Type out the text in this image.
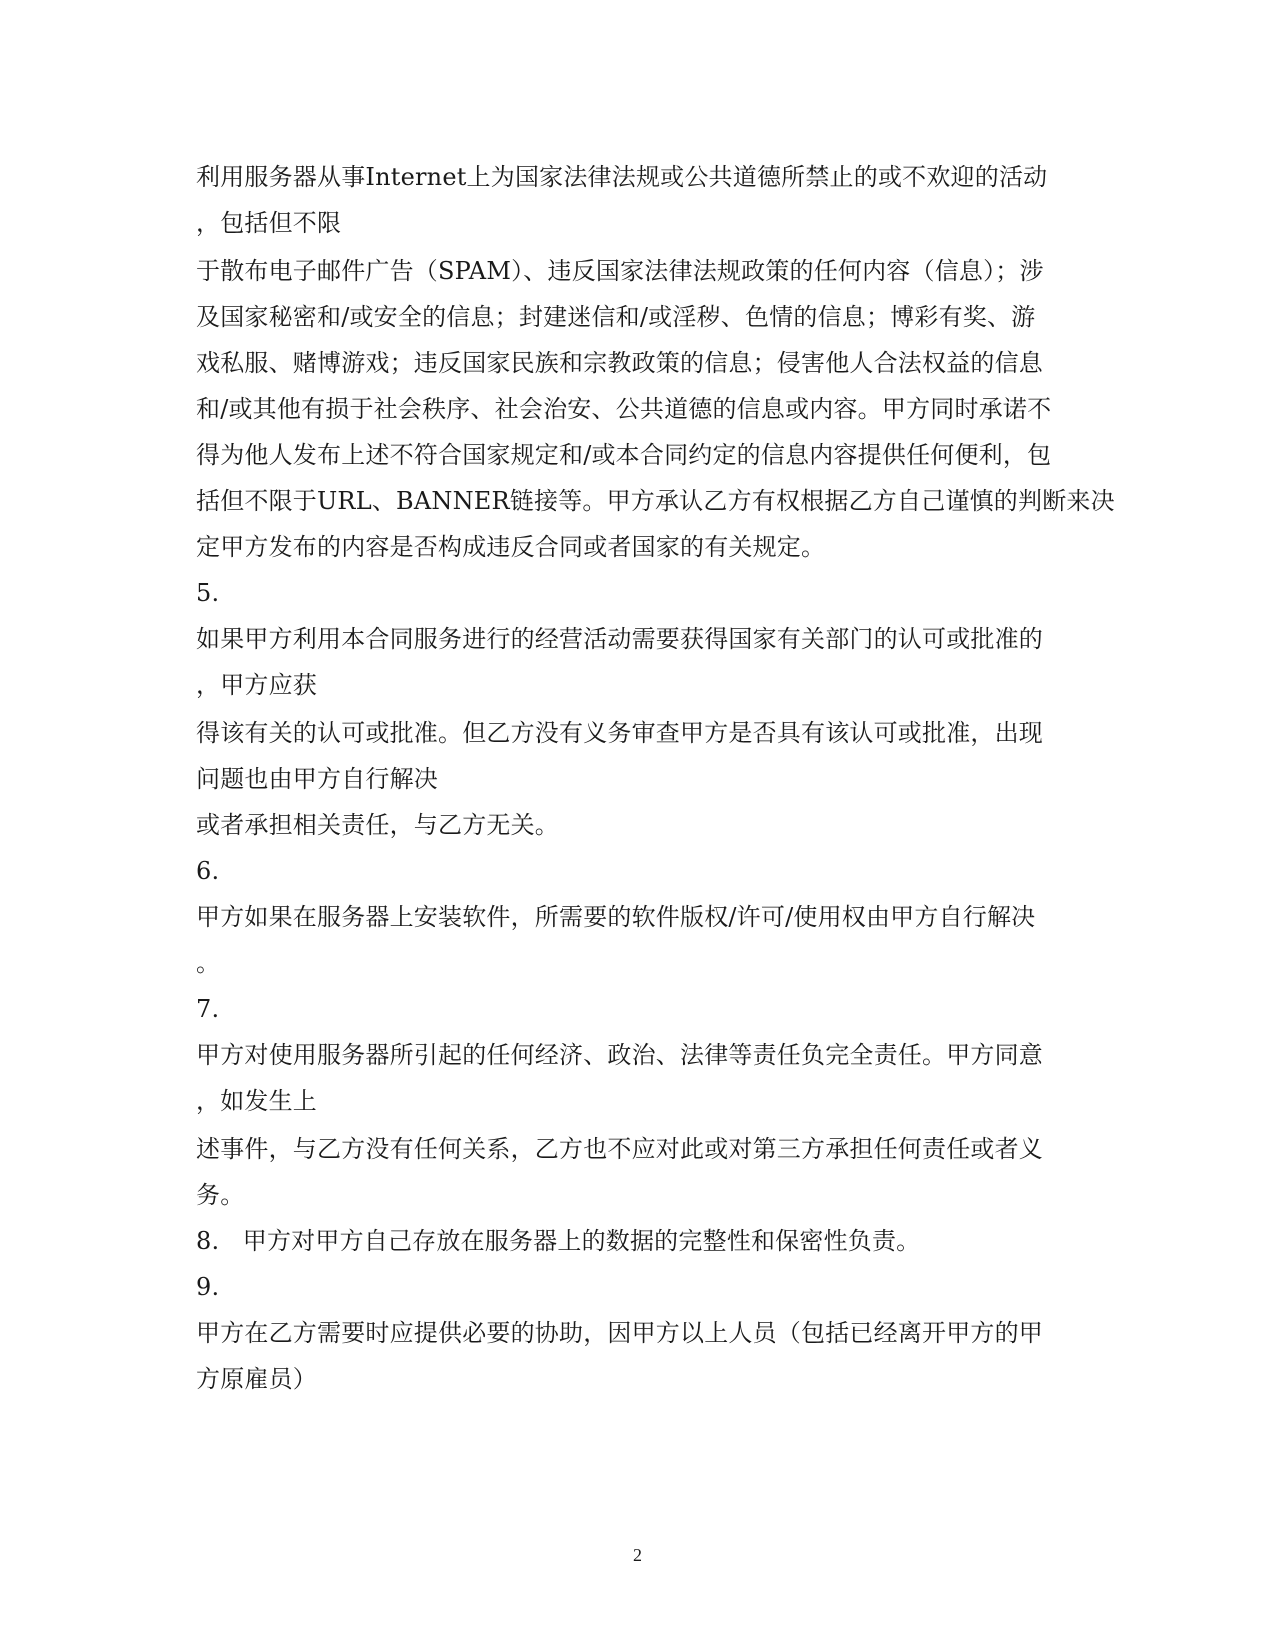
利用服务器从事Internet上为国家法律法规或公共道德所禁止的或不欢迎的活动
，包括但不限
于散布电子邮件广告（SPAM）、违反国家法律法规政策的任何内容（信息）；涉
及国家秘密和/或安全的信息；封建迷信和/或淫秽、色情的信息；博彩有奖、游
戏私服、赌博游戏；违反国家民族和宗教政策的信息；侵害他人合法权益的信息
和/或其他有损于社会秩序、社会治安、公共道德的信息或内容。甲方同时承诺不
得为他人发布上述不符合国家规定和/或本合同约定的信息内容提供任何便利，包
括但不限于URL、BANNER链接等。甲方承认乙方有权根据乙方自己谨慎的判断来决
定甲方发布的内容是否构成违反合同或者国家的有关规定。
5.
如果甲方利用本合同服务进行的经营活动需要获得国家有关部门的认可或批准的
，甲方应获
得该有关的认可或批准。但乙方没有义务审查甲方是否具有该认可或批准，出现
问题也由甲方自行解决
或者承担相关责任，与乙方无关。
6.
甲方如果在服务器上安装软件，所需要的软件版权/许可/使用权由甲方自行解决
。
7.
甲方对使用服务器所引起的任何经济、政治、法律等责任负完全责任。甲方同意
，如发生上
述事件，与乙方没有任何关系，乙方也不应对此或对第三方承担任何责任或者义
务。
8.   甲方对甲方自己存放在服务器上的数据的完整性和保密性负责。
9.
甲方在乙方需要时应提供必要的协助，因甲方以上人员（包括已经离开甲方的甲
方原雇员）
2
